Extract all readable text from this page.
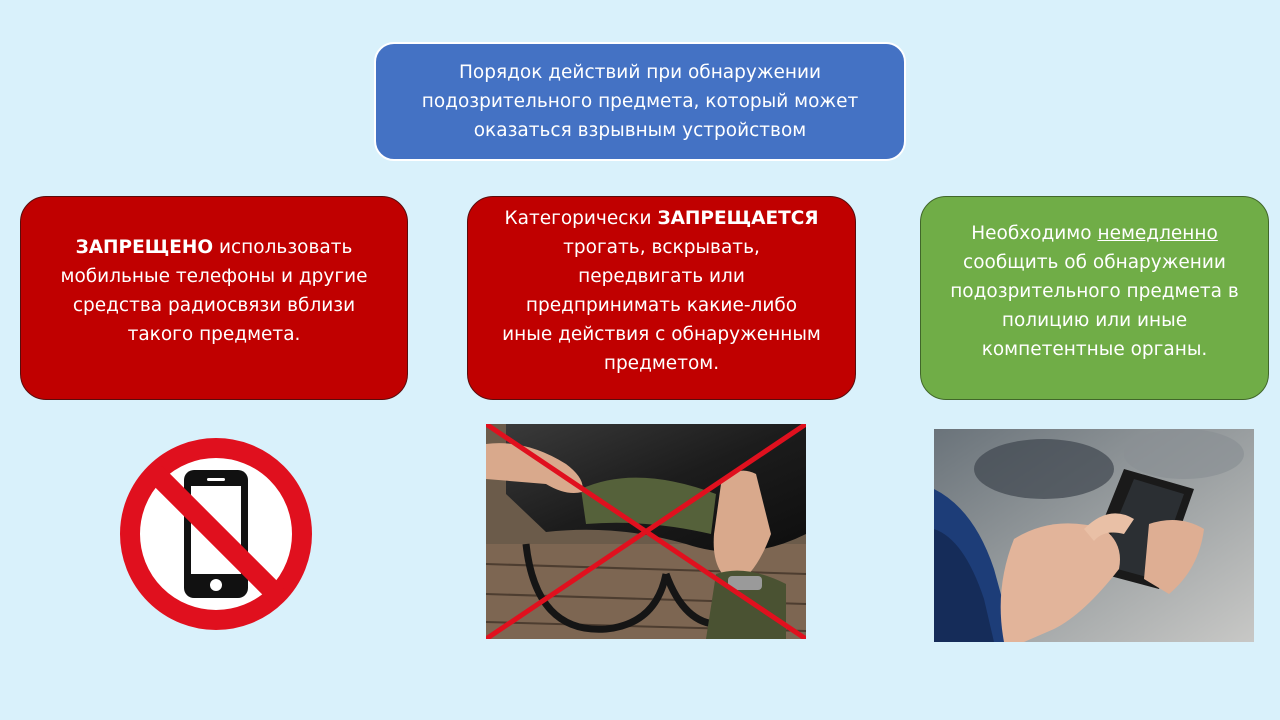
Порядок действий при обнаружении подозрительного предмета, который может оказаться взрывным устройством
ЗАПРЕЩЕНО использовать мобильные телефоны и другие средства радиосвязи вблизи такого предмета.
Категорически ЗАПРЕЩАЕТСЯ трогать, вскрывать, передвигать или предпринимать какие-либо иные действия с обнаруженным предметом.
Необходимо немедленно сообщить об обнаружении подозрительного предмета в полицию или иные компетентные органы.
